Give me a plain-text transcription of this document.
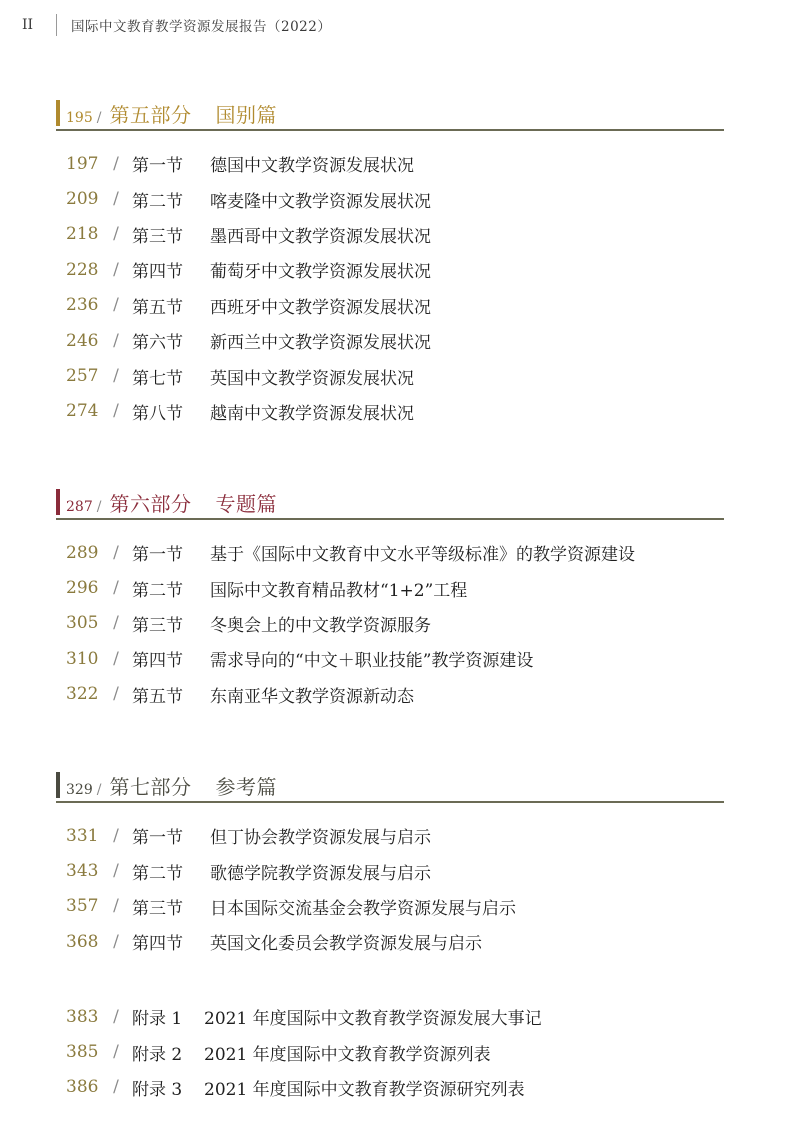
II	国际中文教育教学资源发展报告（2022）
195 / 第五部分 国别篇
197 / 第一节	德国中文教学资源发展状况
209 / 第二节	喀麦隆中文教学资源发展状况
218 / 第三节	墨西哥中文教学资源发展状况
228 / 第四节	葡萄牙中文教学资源发展状况
236 / 第五节	西班牙中文教学资源发展状况
246 / 第六节	新西兰中文教学资源发展状况
257 / 第七节	英国中文教学资源发展状况
274 / 第八节	越南中文教学资源发展状况
287 / 第六部分 专题篇
289 / 第一节	基于《国际中文教育中文水平等级标准》的教学资源建设
296 / 第二节	国际中文教育精品教材“1+2”工程
305 / 第三节	冬奥会上的中文教学资源服务
310 / 第四节	需求导向的“中文＋职业技能”教学资源建设
322 / 第五节	东南亚华文教学资源新动态
329 / 第七部分 参考篇
331 / 第一节	但丁协会教学资源发展与启示
343 / 第二节	歌德学院教学资源发展与启示
357 / 第三节	日本国际交流基金会教学资源发展与启示
368 / 第四节	英国文化委员会教学资源发展与启示
383 / 附录 1	2021 年度国际中文教育教学资源发展大事记
385 / 附录 2	2021 年度国际中文教育教学资源列表
386 / 附录 3	2021 年度国际中文教育教学资源研究列表
